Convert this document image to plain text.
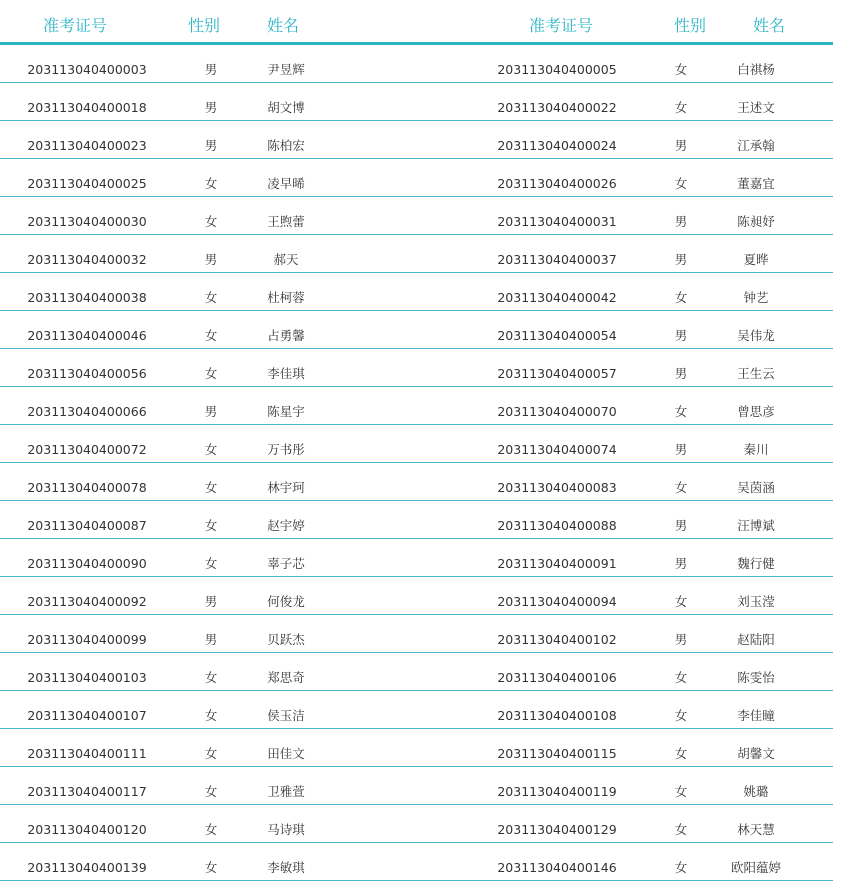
准考证号	性别	姓名	准考证号	性别	姓名
203113040400003	男	尹昱辉	203113040400005	女	白祺杨
203113040400018	男	胡文博	203113040400022	女	王述文
203113040400023	男	陈柏宏	203113040400024	男	江承翰
203113040400025	女	凌早晞	203113040400026	女	董嘉宜
203113040400030	女	王煦蕾	203113040400031	男	陈昶妤
203113040400032	男	郝天	203113040400037	男	夏晔
203113040400038	女	杜柯蓉	203113040400042	女	钟艺
203113040400046	女	占勇馨	203113040400054	男	吴伟龙
203113040400056	女	李佳琪	203113040400057	男	王生云
203113040400066	男	陈星宇	203113040400070	女	曾思彦
203113040400072	女	万书彤	203113040400074	男	秦川
203113040400078	女	林宇珂	203113040400083	女	吴茵涵
203113040400087	女	赵宇婷	203113040400088	男	汪博斌
203113040400090	女	辜子芯	203113040400091	男	魏行健
203113040400092	男	何俊龙	203113040400094	女	刘玉滢
203113040400099	男	贝跃杰	203113040400102	男	赵陆阳
203113040400103	女	郑思奇	203113040400106	女	陈雯怡
203113040400107	女	侯玉洁	203113040400108	女	李佳瞳
203113040400111	女	田佳文	203113040400115	女	胡馨文
203113040400117	女	卫雅萱	203113040400119	女	姚璐
203113040400120	女	马诗琪	203113040400129	女	林天慧
203113040400139	女	李敏琪	203113040400146	女	欧阳蕴婷
